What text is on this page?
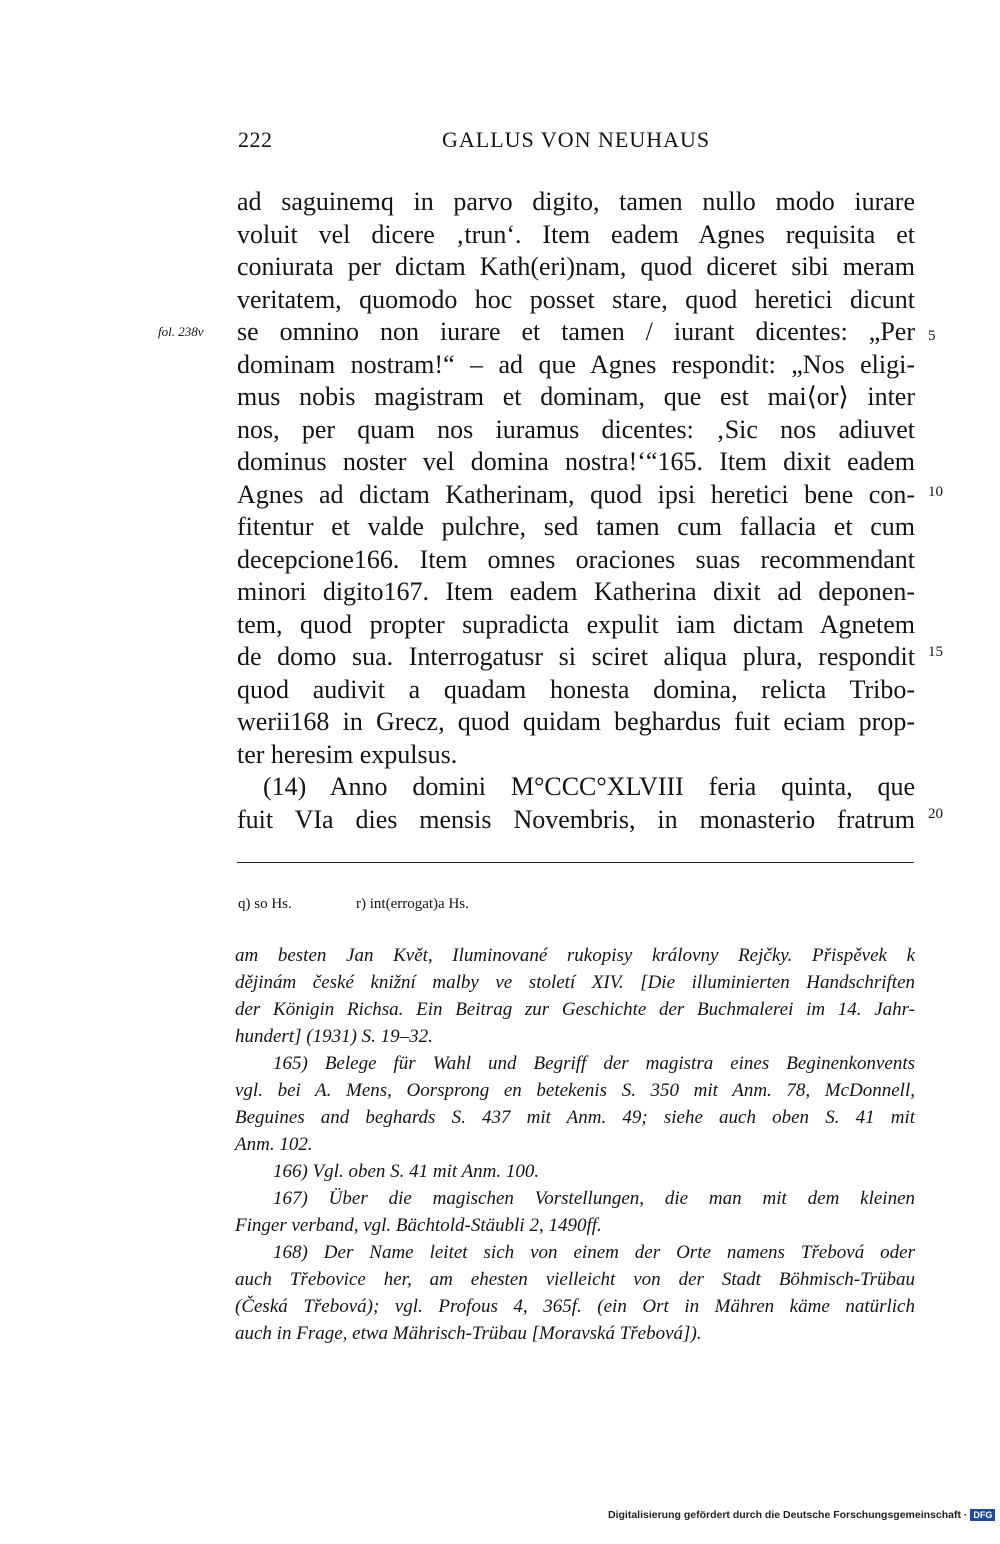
222	GALLUS VON NEUHAUS
fol. 238v
ad saguinemq in parvo digito, tamen nullo modo iurare
voluit vel dicere ‚trun‘. Item eadem Agnes requisita et
coniurata per dictam Kath(eri)nam, quod diceret sibi meram
veritatem, quomodo hoc posset stare, quod heretici dicunt
se omnino non iurare et tamen / iurant dicentes: „Per
dominam nostram!“ – ad que Agnes respondit: „Nos eligi-
mus nobis magistram et dominam, que est mai⟨or⟩ inter
nos, per quam nos iuramus dicentes: ‚Sic nos adiuvet
dominus noster vel domina nostra!‘“165. Item dixit eadem
Agnes ad dictam Katherinam, quod ipsi heretici bene con-
fitentur et valde pulchre, sed tamen cum fallacia et cum
decepcione166. Item omnes oraciones suas recommendant
minori digito167. Item eadem Katherina dixit ad deponen-
tem, quod propter supradicta expulit iam dictam Agnetem
de domo sua. Interrogatusr si sciret aliqua plura, respondit
quod audivit a quadam honesta domina, relicta Tribo-
werii168 in Grecz, quod quidam beghardus fuit eciam prop-
ter heresim expulsus.
(14) Anno domini M°CCC°XLVIII feria quinta, que
fuit VIa dies mensis Novembris, in monasterio fratrum
5
10
15
20
q) so Hs.	r) int(errogat)a Hs.
am besten Jan Květ, Iluminované rukopisy královny Rejčky. Přispěvek k
dějinám české knižní malby ve století XIV. [Die illuminierten Handschriften
der Königin Richsa. Ein Beitrag zur Geschichte der Buchmalerei im 14. Jahr-
hundert] (1931) S. 19–32.
165) Belege für Wahl und Begriff der magistra eines Beginenkonvents
vgl. bei A. Mens, Oorsprong en betekenis S. 350 mit Anm. 78, McDonnell,
Beguines and beghards S. 437 mit Anm. 49; siehe auch oben S. 41 mit
Anm. 102.
166) Vgl. oben S. 41 mit Anm. 100.
167) Über die magischen Vorstellungen, die man mit dem kleinen
Finger verband, vgl. Bächtold-Stäubli 2, 1490ff.
168) Der Name leitet sich von einem der Orte namens Třebová oder
auch Třebovice her, am ehesten vielleicht von der Stadt Böhmisch-Trübau
(Česká Třebová); vgl. Profous 4, 365f. (ein Ort in Mähren käme natürlich
auch in Frage, etwa Mährisch-Trübau [Moravská Třebová]).
Digitalisierung gefördert durch die Deutsche Forschungsgemeinschaft · DFG
